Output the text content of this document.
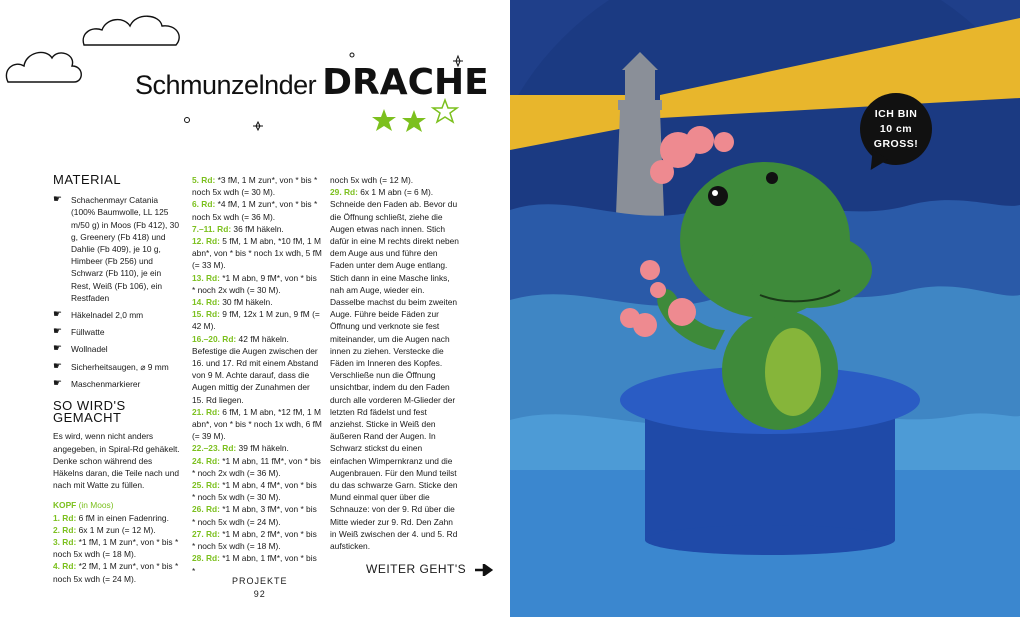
Schmunzelnder DRACHE
MATERIAL
☛ Schachenmayr Catania (100% Baumwolle, LL 125 m/50 g) in Moos (Fb 412), 30 g, Greenery (Fb 418) und Dahlie (Fb 409), je 10 g, Himbeer (Fb 256) und Schwarz (Fb 110), je ein Rest, Weiß (Fb 106), ein Restfaden
☛ Häkelnadel 2,0 mm
☛ Füllwatte
☛ Wollnadel
☛ Sicherheitsaugen, ⌀ 9 mm
☛ Maschenmarkierer
SO WIRD'S GEMACHT

Es wird, wenn nicht anders angegeben, in Spiral-Rd gehäkelt. Denke schon während des Häkelns daran, die Teile nach und nach mit Watte zu füllen.

KOPF (in Moos)

1. Rd: 6 fM in einen Fadenring.

2. Rd: 6x 1 M zun (= 12 M).

3. Rd: *1 fM, 1 M zun*, von * bis * noch 5x wdh (= 18 M).

4. Rd: *2 fM, 1 M zun*, von * bis * noch 5x wdh (= 24 M).

5. Rd: *3 fM, 1 M zun*, von * bis * noch 5x wdh (= 30 M).

6. Rd: *4 fM, 1 M zun*, von * bis * noch 5x wdh (= 36 M).

7.–11. Rd: 36 fM häkeln.

12. Rd: 5 fM, 1 M abn, *10 fM, 1 M abn*, von * bis * noch 1x wdh, 5 fM (= 33 M).

13. Rd: *1 M abn, 9 fM*, von * bis * noch 2x wdh (= 30 M).

14. Rd: 30 fM häkeln.

15. Rd: 9 fM, 12x 1 M zun, 9 fM (= 42 M).

16.–20. Rd: 42 fM häkeln. Befestige die Augen zwischen der 16. und 17. Rd mit einem Abstand von 9 M. Achte darauf, dass die Augen mittig der Zunahmen der 15. Rd liegen.

21. Rd: 6 fM, 1 M abn, *12 fM, 1 M abn*, von * bis * noch 1x wdh, 6 fM (= 39 M).

22.–23. Rd: 39 fM häkeln.

24. Rd: *1 M abn, 11 fM*, von * bis * noch 2x wdh (= 36 M).

25. Rd: *1 M abn, 4 fM*, von * bis * noch 5x wdh (= 30 M).

26. Rd: *1 M abn, 3 fM*, von * bis * noch 5x wdh (= 24 M).

27. Rd: *1 M abn, 2 fM*, von * bis * noch 5x wdh (= 18 M).

28. Rd: *1 M abn, 1 fM*, von * bis *

noch 5x wdh (= 12 M).

29. Rd: 6x 1 M abn (= 6 M).

Schneide den Faden ab. Bevor du die Öffnung schließt, ziehe die Augen etwas nach innen. Stich dafür in eine M rechts direkt neben dem Auge aus und führe den Faden unter dem Auge entlang. Stich dann in eine Masche links, nah am Auge, wieder ein. Dasselbe machst du beim zweiten Auge. Führe beide Fäden zur Öffnung und verknote sie fest miteinander, um die Augen nach innen zu ziehen. Verstecke die Fäden im Inneren des Kopfes. Verschließe nun die Öffnung unsichtbar, indem du den Faden durch alle vorderen M-Glieder der letzten Rd fädelst und fest anziehst. Sticke in Weiß den äußeren Rand der Augen. In Schwarz stickst du einen einfachen Wimpernkranz und die Augenbrauen. Für den Mund teilst du das schwarze Garn. Sticke den Mund einmal quer über die Schnauze: von der 9. Rd über die Mitte wieder zur 9. Rd. Den Zahn in Weiß zwischen der 4. und 5. Rd aufsticken.

WEITER GEHT'S
PROJEKTE
92
ICH BIN
10 cm
GROSS!
